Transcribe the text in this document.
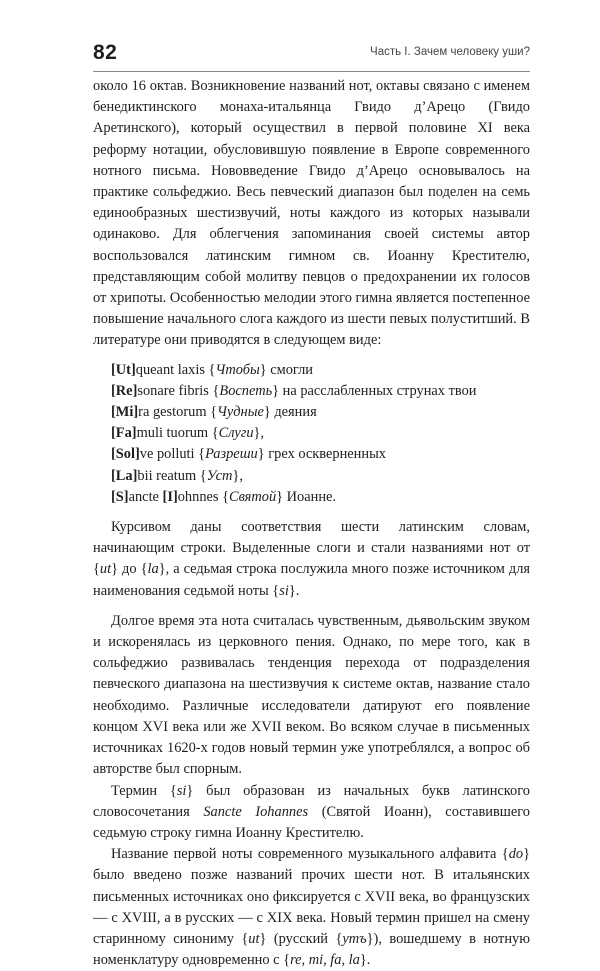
82	Часть I. Зачем человеку уши?

около 16 октав. Возникновение названий нот, октавы связано с именем бенедиктинского монаха-итальянца Гвидо д’Арецо (Гвидо Аретинского), который осуществил в первой половине XI века реформу нотации, обусловившую появление в Европе современного нотного письма. Нововведение Гвидо д’Арецо основывалось на практике сольфеджио. Весь певческий диапазон был поделен на семь единообразных шестизвучий, ноты каждого из которых называли одинаково. Для облегчения запоминания своей системы автор воспользовался латинским гимном св. Иоанну Крестителю, представляющим собой молитву певцов о предохранении их голосов от хрипоты. Особенностью мелодии этого гимна является постепенное повышение начального слога каждого из шести певых полуститший. В литературе они приводятся в следующем виде:

[Ut]queant laxis {Чтобы} смогли
[Re]sonare fibris {Воспеть} на расслабленных струнах твои
[Mi]ra gestorum {Чудные} деяния
[Fa]muli tuorum {Слуги},
[Sol]ve polluti {Разреши} грех оскверненных
[La]bii reatum {Уст},
[S]ancte [I]ohnnes {Святой} Иоанне.

Курсивом даны соответствия шести латинским словам, начинающим строки. Выделенные слоги и стали названиями нот от {ut} до {la}, а седьмая строка послужила много позже источником для наименования седьмой ноты {si}.

Долгое время эта нота считалась чувственным, дьявольским звуком и искоренялась из церковного пения. Однако, по мере того, как в сольфеджио развивалась тенденция перехода от подразделения певческого диапазона на шестизвучия к системе октав, название стало необходимо. Различные исследователи датируют его появление концом XVI века или же XVII веком. Во всяком случае в письменных источниках 1620-х годов новый термин уже употреблялся, а вопрос об авторстве был спорным.

Термин {si} был образован из начальных букв латинского словосочетания Sancte Iohannes (Святой Иоанн), составившего седьмую строку гимна Иоанну Крестителю.

Название первой ноты современного музыкального алфавита {do} было введено позже названий прочих шести нот. В итальянских письменных источниках оно фиксируется с XVII века, во французских — с XVIII, а в русских — с XIX века. Новый термин пришел на смену старинному синониму {ut} (русский {утъ}), вошедшему в нотную номенклатуру одновременно с {re, mi, fa, la}.
